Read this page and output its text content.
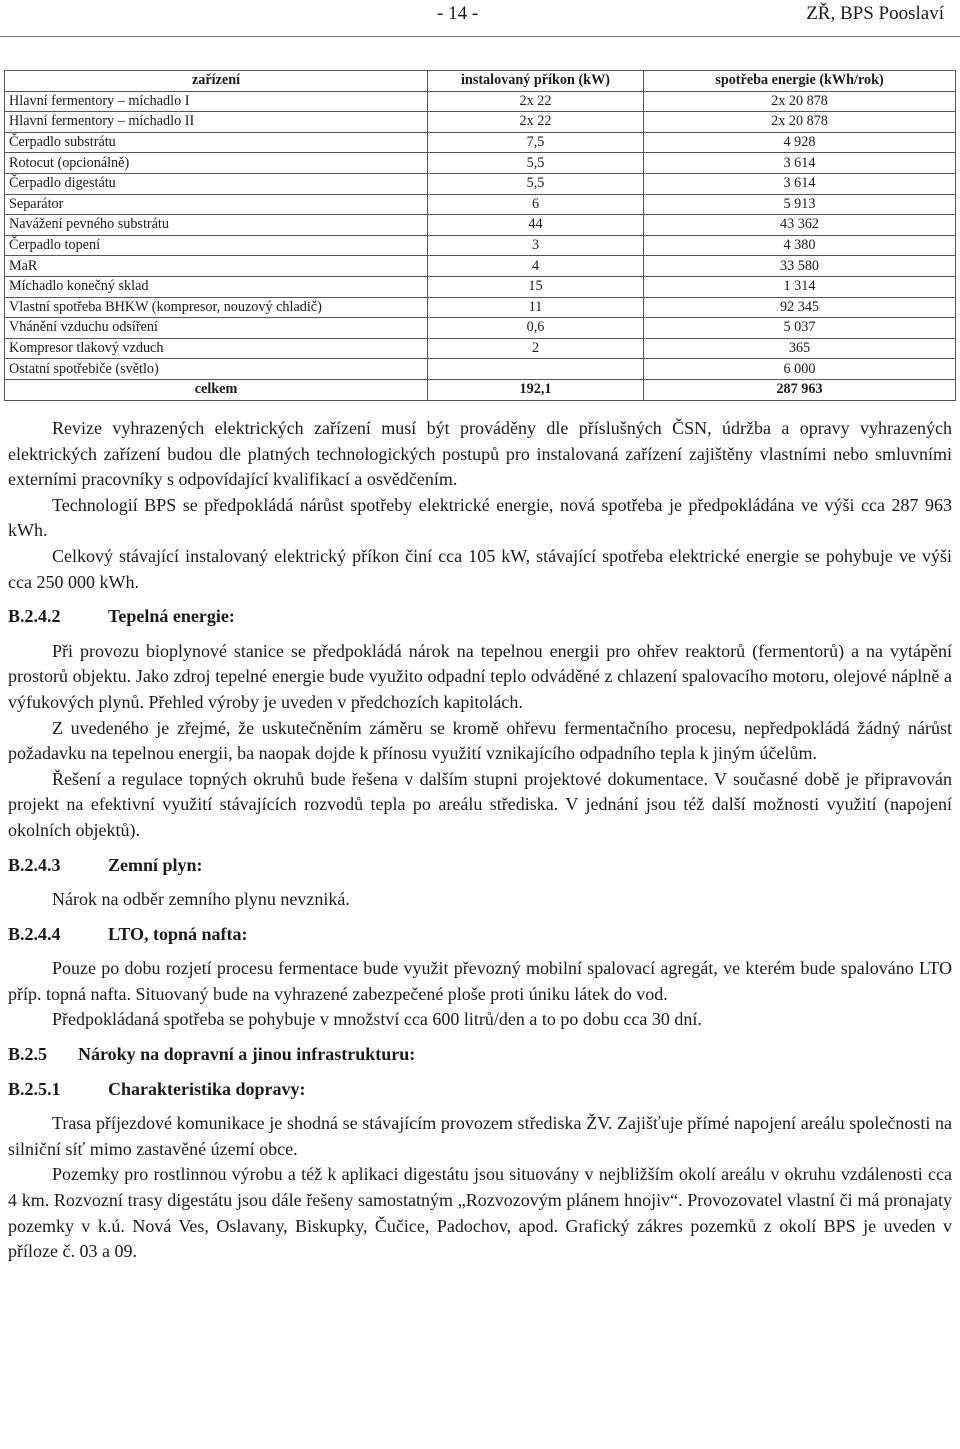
- 14 -	ZŘ, BPS Pooslaví
zařízení	instalovaný příkon (kW)	spotřeba energie (kWh/rok)
Hlavní fermentory – míchadlo I	2x 22	2x 20 878
Hlavní fermentory – míchadlo II	2x 22	2x 20 878
Čerpadlo substrátu	7,5	4 928
Rotocut (opcionálně)	5,5	3 614
Čerpadlo digestátu	5,5	3 614
Separátor	6	5 913
Navážení pevného substrátu	44	43 362
Čerpadlo topení	3	4 380
MaR	4	33 580
Míchadlo konečný sklad	15	1 314
Vlastní spotřeba BHKW (kompresor, nouzový chladič)	11	92 345
Vhánění vzduchu odsíření	0,6	5 037
Kompresor tlakový vzduch	2	365
Ostatní spotřebiče (světlo)		6 000
celkem	192,1	287 963

Revize vyhrazených elektrických zařízení musí být prováděny dle příslušných ČSN, údržba a opravy vyhrazených elektrických zařízení budou dle platných technologických postupů pro instalovaná zařízení zajištěny vlastními nebo smluvními externími pracovníky s odpovídající kvalifikací a osvědčením.

Technologií BPS se předpokládá nárůst spotřeby elektrické energie, nová spotřeba je předpokládána ve výši cca 287 963 kWh.

Celkový stávající instalovaný elektrický příkon činí cca 105 kW, stávající spotřeba elektrické energie se pohybuje ve výši cca 250 000 kWh.

B.2.4.2	Tepelná energie:

Při provozu bioplynové stanice se předpokládá nárok na tepelnou energii pro ohřev reaktorů (fermentorů) a na vytápění prostorů objektu. Jako zdroj tepelné energie bude využito odpadní teplo odváděné z chlazení spalovacího motoru, olejové náplně a výfukových plynů. Přehled výroby je uveden v předchozích kapitolách.

Z uvedeného je zřejmé, že uskutečněním záměru se kromě ohřevu fermentačního procesu, nepředpokládá žádný nárůst požadavku na tepelnou energii, ba naopak dojde k přínosu využití vznikajícího odpadního tepla k jiným účelům.

Řešení a regulace topných okruhů bude řešena v dalším stupni projektové dokumentace. V současné době je připravován projekt na efektivní využití stávajících rozvodů tepla po areálu střediska. V jednání jsou též další možnosti využití (napojení okolních objektů).

B.2.4.3	Zemní plyn:

Nárok na odběr zemního plynu nevzniká.

B.2.4.4	LTO, topná nafta:

Pouze po dobu rozjetí procesu fermentace bude využit převozný mobilní spalovací agregát, ve kterém bude spalováno LTO příp. topná nafta. Situovaný bude na vyhrazené zabezpečené ploše proti úniku látek do vod.

Předpokládaná spotřeba se pohybuje v množství cca 600 litrů/den a to po dobu cca 30 dní.

B.2.5 Nároky na dopravní a jinou infrastrukturu:
B.2.5.1	Charakteristika dopravy:

Trasa příjezdové komunikace je shodná se stávajícím provozem střediska ŽV. Zajišťuje přímé napojení areálu společnosti na silniční síť mimo zastavěné území obce.

Pozemky pro rostlinnou výrobu a též k aplikaci digestátu jsou situovány v nejbližším okolí areálu v okruhu vzdálenosti cca 4 km. Rozvozní trasy digestátu jsou dále řešeny samostatným „Rozvozovým plánem hnojiv“. Provozovatel vlastní či má pronajaty pozemky v k.ú. Nová Ves, Oslavany, Biskupky, Čučice, Padochov, apod. Grafický zákres pozemků z okolí BPS je uveden v příloze č. 03 a 09.
